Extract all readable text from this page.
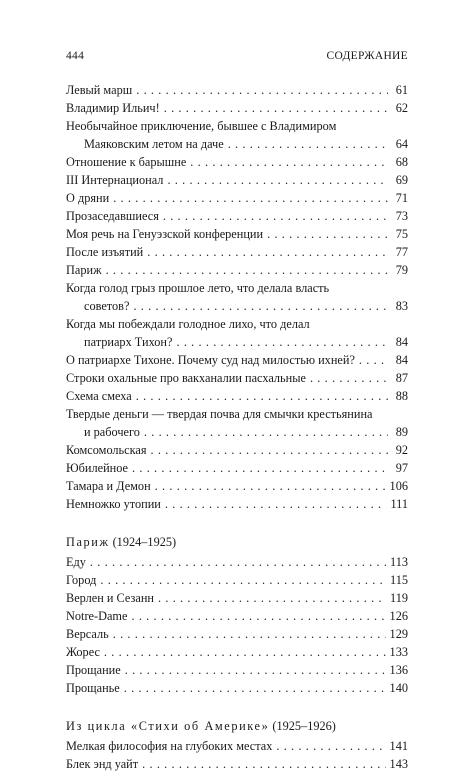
444	СОДЕРЖАНИЕ
Левый марш . . .	61
Владимир Ильич! . . .	62
Необычайное приключение, бывшее с Владимиром
Маяковским летом на даче . . .	64
Отношение к барышне . . .	68
III Интернационал . . .	69
О дряни . . .	71
Прозаседавшиеся . . .	73
Моя речь на Генуэзской конференции . . .	75
После изъятий . . .	77
Париж . . .	79
Когда голод грыз прошлое лето, что делала власть
советов? . . .	83
Когда мы побеждали голодное лихо, что делал
патриарх Тихон? . . .	84
О патриархе Тихоне. Почему суд над милостью ихней? . . .	84
Строки охальные про вакханалии пасхальные . . .	87
Схема смеха . . .	88
Твердые деньги — твердая почва для смычки крестьянина
и рабочего . . .	89
Комсомольская . . .	92
Юбилейное . . .	97
Тамара и Демон . . .	106
Немножко утопии . . .	111
Париж (1924–1925)
Еду . . .	113
Город . . .	115
Верлен и Сезанн . . .	119
Notre-Dame . . .	126
Версаль . . .	129
Жорес . . .	133
Прощание . . .	136
Прощанье . . .	140
Из цикла «Стихи об Америке» (1925–1926)
Мелкая философия на глубоких местах . . .	141
Блек энд уайт . . .	143
